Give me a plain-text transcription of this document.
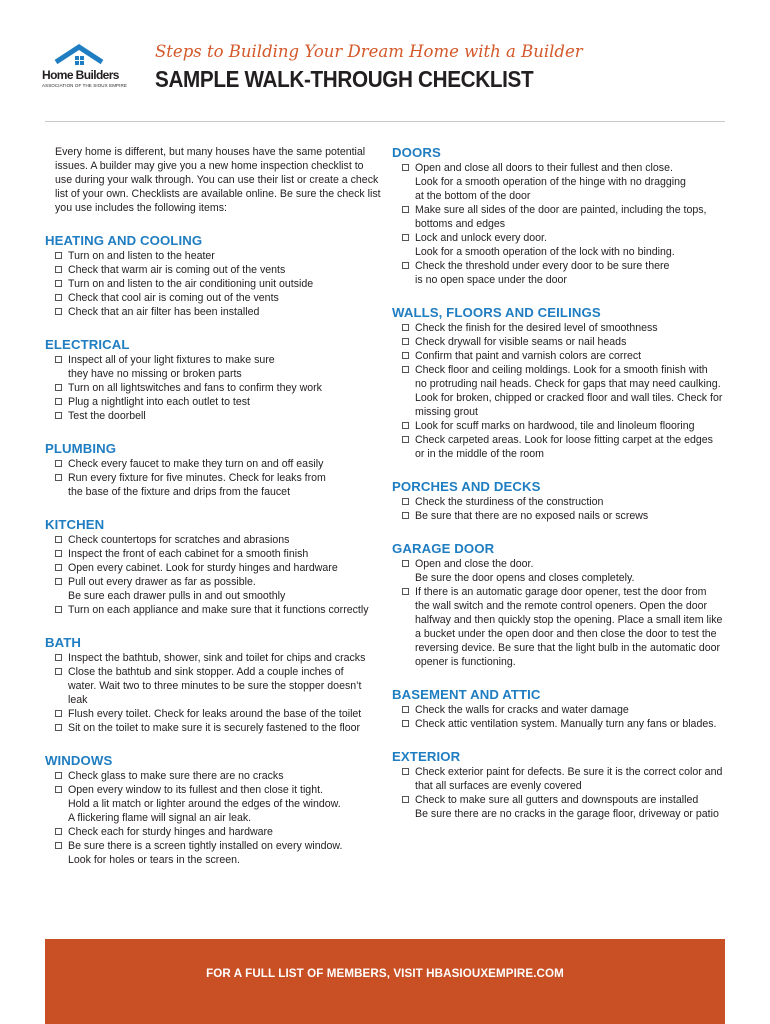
Home Builders
ASSOCIATION OF THE SIOUX EMPIRE
Steps to Building Your Dream Home with a Builder
SAMPLE WALK-THROUGH CHECKLIST
Every home is different, but many houses have the same potential
issues. A builder may give you a new home inspection checklist to
use during your walk through. You can use their list or create a check
list of your own. Checklists are available online. Be sure the check list
you use includes the following items:
HEATING AND COOLING
Turn on and listen to the heater
Check that warm air is coming out of the vents
Turn on and listen to the air conditioning unit outside
Check that cool air is coming out of the vents
Check that an air filter has been installed
ELECTRICAL
Inspect all of your light fixtures to make sure
they have no missing or broken parts
Turn on all lightswitches and fans to confirm they work
Plug a nightlight into each outlet to test
Test the doorbell
PLUMBING
Check every faucet to make they turn on and off easily
Run every fixture for five minutes. Check for leaks from
the base of the fixture and drips from the faucet
KITCHEN
Check countertops for scratches and abrasions
Inspect the front of each cabinet for a smooth finish
Open every cabinet. Look for sturdy hinges and hardware
Pull out every drawer as far as possible.
Be sure each drawer pulls in and out smoothly
Turn on each appliance and make sure that it functions correctly
BATH
Inspect the bathtub, shower, sink and toilet for chips and cracks
Close the bathtub and sink stopper. Add a couple inches of
water. Wait two to three minutes to be sure the stopper doesn’t
leak
Flush every toilet. Check for leaks around the base of the toilet
Sit on the toilet to make sure it is securely fastened to the floor
WINDOWS
Check glass to make sure there are no cracks
Open every window to its fullest and then close it tight.
Hold a lit match or lighter around the edges of the window.
A flickering flame will signal an air leak.
Check each for sturdy hinges and hardware
Be sure there is a screen tightly installed on every window.
Look for holes or tears in the screen.
DOORS
Open and close all doors to their fullest and then close.
Look for a smooth operation of the hinge with no dragging
at the bottom of the door
Make sure all sides of the door are painted, including the tops,
bottoms and edges
Lock and unlock every door.
Look for a smooth operation of the lock with no binding.
Check the threshold under every door to be sure there
is no open space under the door
WALLS, FLOORS AND CEILINGS
Check the finish for the desired level of smoothness
Check drywall for visible seams or nail heads
Confirm that paint and varnish colors are correct
Check floor and ceiling moldings. Look for a smooth finish with
no protruding nail heads. Check for gaps that may need caulking.
Look for broken, chipped or cracked floor and wall tiles. Check for
missing grout
Look for scuff marks on hardwood, tile and linoleum flooring
Check carpeted areas. Look for loose fitting carpet at the edges
or in the middle of the room
PORCHES AND DECKS
Check the sturdiness of the construction
Be sure that there are no exposed nails or screws
GARAGE DOOR
Open and close the door.
Be sure the door opens and closes completely.
If there is an automatic garage door opener, test the door from
the wall switch and the remote control openers. Open the door
halfway and then quickly stop the opening. Place a small item like
a bucket under the open door and then close the door to test the
reversing device. Be sure that the light bulb in the automatic door
opener is functioning.
BASEMENT AND ATTIC
Check the walls for cracks and water damage
Check attic ventilation system. Manually turn any fans or blades.
EXTERIOR
Check exterior paint for defects. Be sure it is the correct color and
that all surfaces are evenly covered
Check to make sure all gutters and downspouts are installed
Be sure there are no cracks in the garage floor, driveway or patio
FOR A FULL LIST OF MEMBERS, VISIT HBASIOUXEMPIRE.COM
